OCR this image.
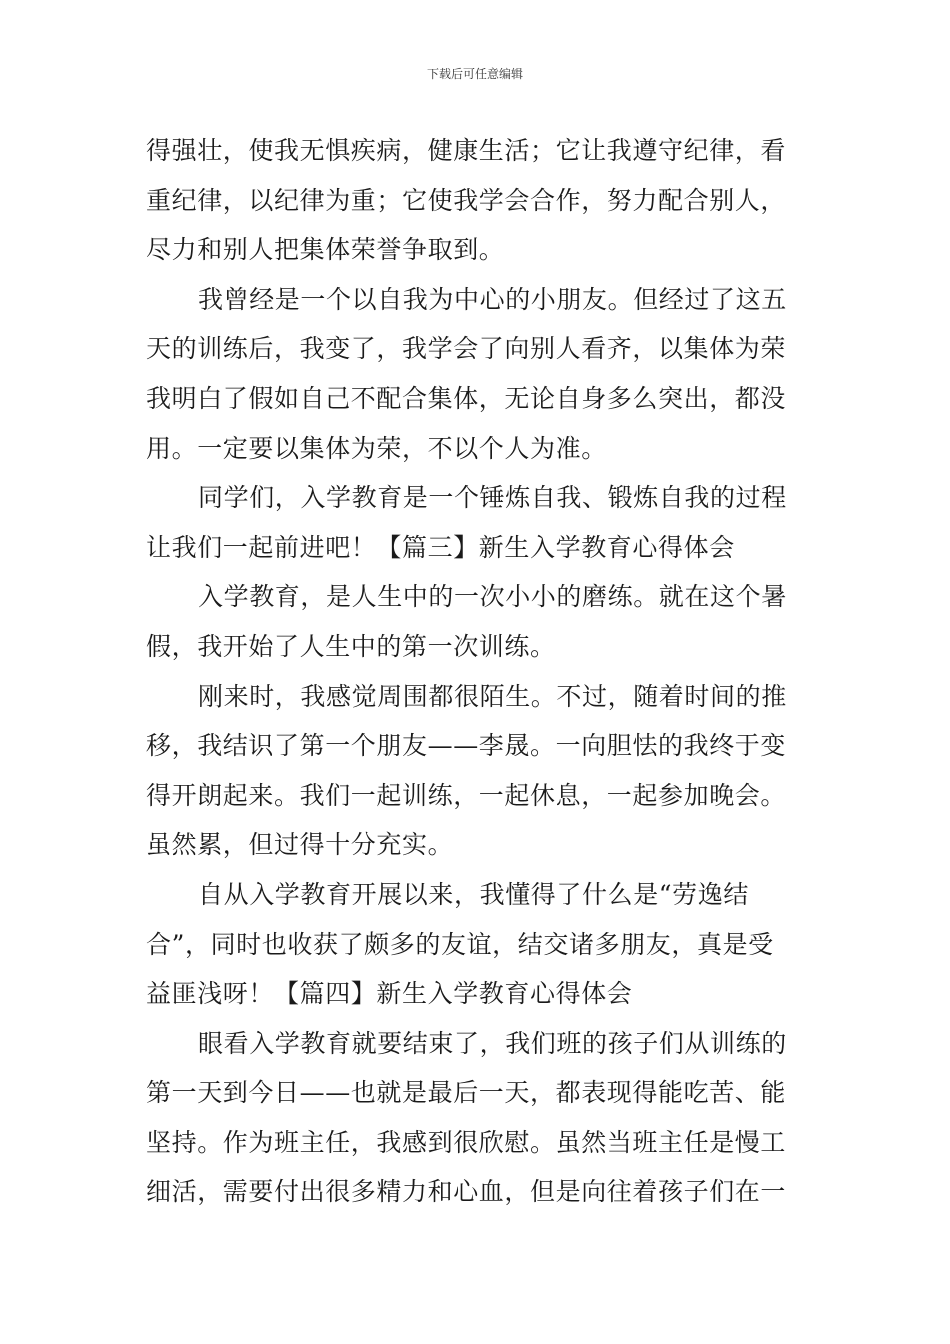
下载后可任意编辑
得强壮，使我无惧疾病，健康生活；它让我遵守纪律，看
重纪律，以纪律为重；它使我学会合作，努力配合别人，
尽力和别人把集体荣誉争取到。
我曾经是一个以自我为中心的小朋友。但经过了这五
天的训练后，我变了，我学会了向别人看齐，以集体为荣
我明白了假如自己不配合集体，无论自身多么突出，都没
用。一定要以集体为荣，不以个人为准。
同学们，入学教育是一个锤炼自我、锻炼自我的过程
让我们一起前进吧！【篇三】新生入学教育心得体会
入学教育，是人生中的一次小小的磨练。就在这个暑
假，我开始了人生中的第一次训练。
刚来时，我感觉周围都很陌生。不过，随着时间的推
移，我结识了第一个朋友——李晟。一向胆怯的我终于变
得开朗起来。我们一起训练，一起休息，一起参加晚会。
虽然累，但过得十分充实。
自从入学教育开展以来，我懂得了什么是“劳逸结
合”，同时也收获了颇多的友谊，结交诸多朋友，真是受
益匪浅呀！【篇四】新生入学教育心得体会
眼看入学教育就要结束了，我们班的孩子们从训练的
第一天到今日——也就是最后一天，都表现得能吃苦、能
坚持。作为班主任，我感到很欣慰。虽然当班主任是慢工
细活，需要付出很多精力和心血，但是向往着孩子们在一
